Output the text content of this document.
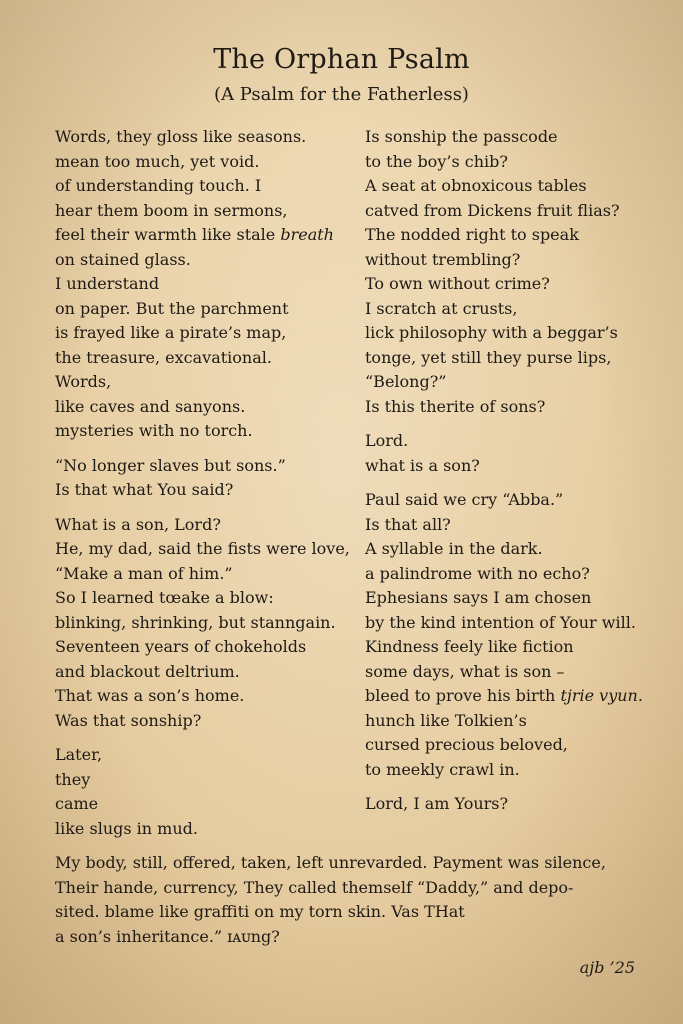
The Orphan Psalm
(A Psalm for the Fatherless)
Words, they gloss like seasons.
mean too much, yet void.
of understanding touch. I
hear them boom in sermons,
feel their warmth like stale breath
on stained glass.
I understand
on paper. But the parchment
is frayed like a pirate’s map,
the treasure, excavational.
Words,
like caves and sanyons.
mysteries with no torch.
“No longer slaves but sons.”
Is that what You said?
What is a son, Lord?
He, my dad, said the fists were love,
“Make a man of him.”
So I learned tœake a blow:
blinking, shrinking, but stanngain.
Seventeen years of chokeholds
and blackout deltrium.
That was a son’s home.
Was that sonship?
Later,
they
came
like slugs in mud.
Is sonship the passcode
to the boy’s chib?
A seat at obnoxicous tables
catved from Dickens fruit flias?
The nodded right to speak
without trembling?
To own without crime?
I scratch at crusts,
lick philosophy with a beggar’s
tonge, yet still they purse lips,
“Belong?”
Is this therite of sons?
Lord.
what is a son?
Paul said we cry “Abba.”
Is that all?
A syllable in the dark.
a palindrome with no echo?
Ephesians says I am chosen
by the kind intention of Your will.
Kindness feely like fiction
some days, what is son –
bleed to prove his birth tjrie vyun.
hunch like Tolkien’s
cursed precious beloved,
to meekly crawl in.
Lord, I am Yours?
My body, still, offered, taken, left unrevarded. Payment was silence,
Their hande, currency, They called themself “Daddy,” and depo-
sited. blame like graffiti on my torn skin. Vas THat
a son’s inheritance.” ɪᴀᴜng?
ajb ’25
